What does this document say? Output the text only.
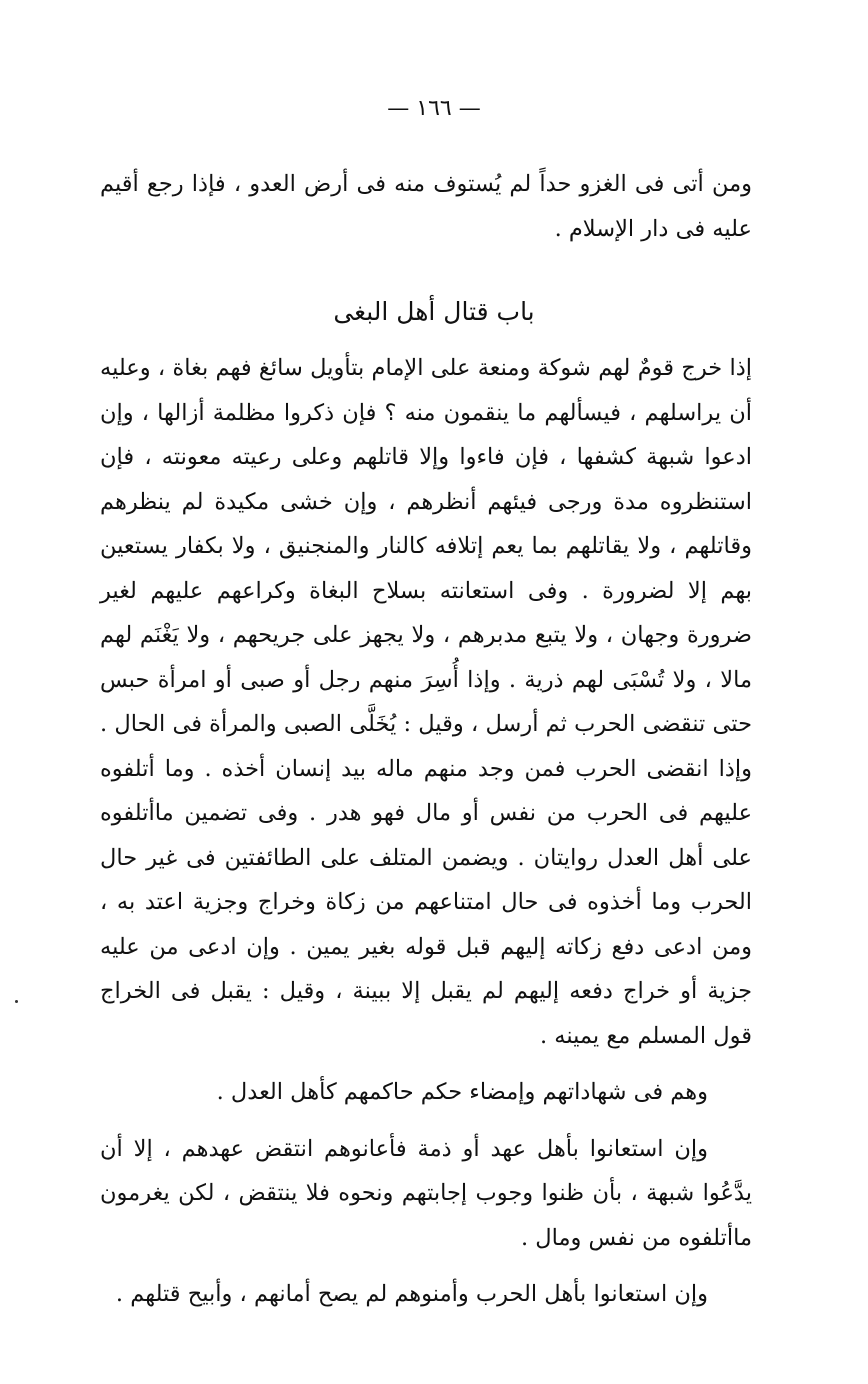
— ١٦٦ —

ومن أتى فى الغزو حداً لم يُستوف منه فى أرض العدو ، فإذا رجع أقيم عليه فى دار الإسلام .

باب قتال أهل البغى

إذا خرج قومٌ لهم شوكة ومنعة على الإمام بتأويل سائغ فهم بغاة ، وعليه أن يراسلهم ، فيسألهم ما ينقمون منه ؟ فإن ذكروا مظلمة أزالها ، وإن ادعوا شبهة كشفها ، فإن فاءوا وإلا قاتلهم وعلى رعيته معونته ، فإن استنظروه مدة ورجى فيئهم أنظرهم ، وإن خشى مكيدة لم ينظرهم وقاتلهم ، ولا يقاتلهم بما يعم إتلافه كالنار والمنجنيق ، ولا بكفار يستعين بهم إلا لضرورة . وفى استعانته بسلاح البغاة وكراعهم عليهم لغير ضرورة وجهان ، ولا يتبع مدبرهم ، ولا يجهز على جريحهم ، ولا يَغْنَم لهم مالا ، ولا تُسْبَى لهم ذرية . وإذا أُسِرَ منهم رجل أو صبى أو امرأة حبس حتى تنقضى الحرب ثم أرسل ، وقيل : يُخَلَّى الصبى والمرأة فى الحال . وإذا انقضى الحرب فمن وجد منهم ماله بيد إنسان أخذه . وما أتلفوه عليهم فى الحرب من نفس أو مال فهو هدر . وفى تضمين ماأتلفوه على أهل العدل روايتان . ويضمن المتلف على الطائفتين فى غير حال الحرب وما أخذوه فى حال امتناعهم من زكاة وخراج وجزية اعتد به ، ومن ادعى دفع زكاته إليهم قبل قوله بغير يمين . وإن ادعى من عليه جزية أو خراج دفعه إليهم لم يقبل إلا ببينة ، وقيل : يقبل فى الخراج قول المسلم مع يمينه .

وهم فى شهاداتهم وإمضاء حكم حاكمهم كأهل العدل .

وإن استعانوا بأهل عهد أو ذمة فأعانوهم انتقض عهدهم ، إلا أن يدَّعُوا شبهة ، بأن ظنوا وجوب إجابتهم ونحوه فلا ينتقض ، لكن يغرمون ماأتلفوه من نفس ومال .

وإن استعانوا بأهل الحرب وأمنوهم لم يصح أمانهم ، وأبيح قتلهم .
